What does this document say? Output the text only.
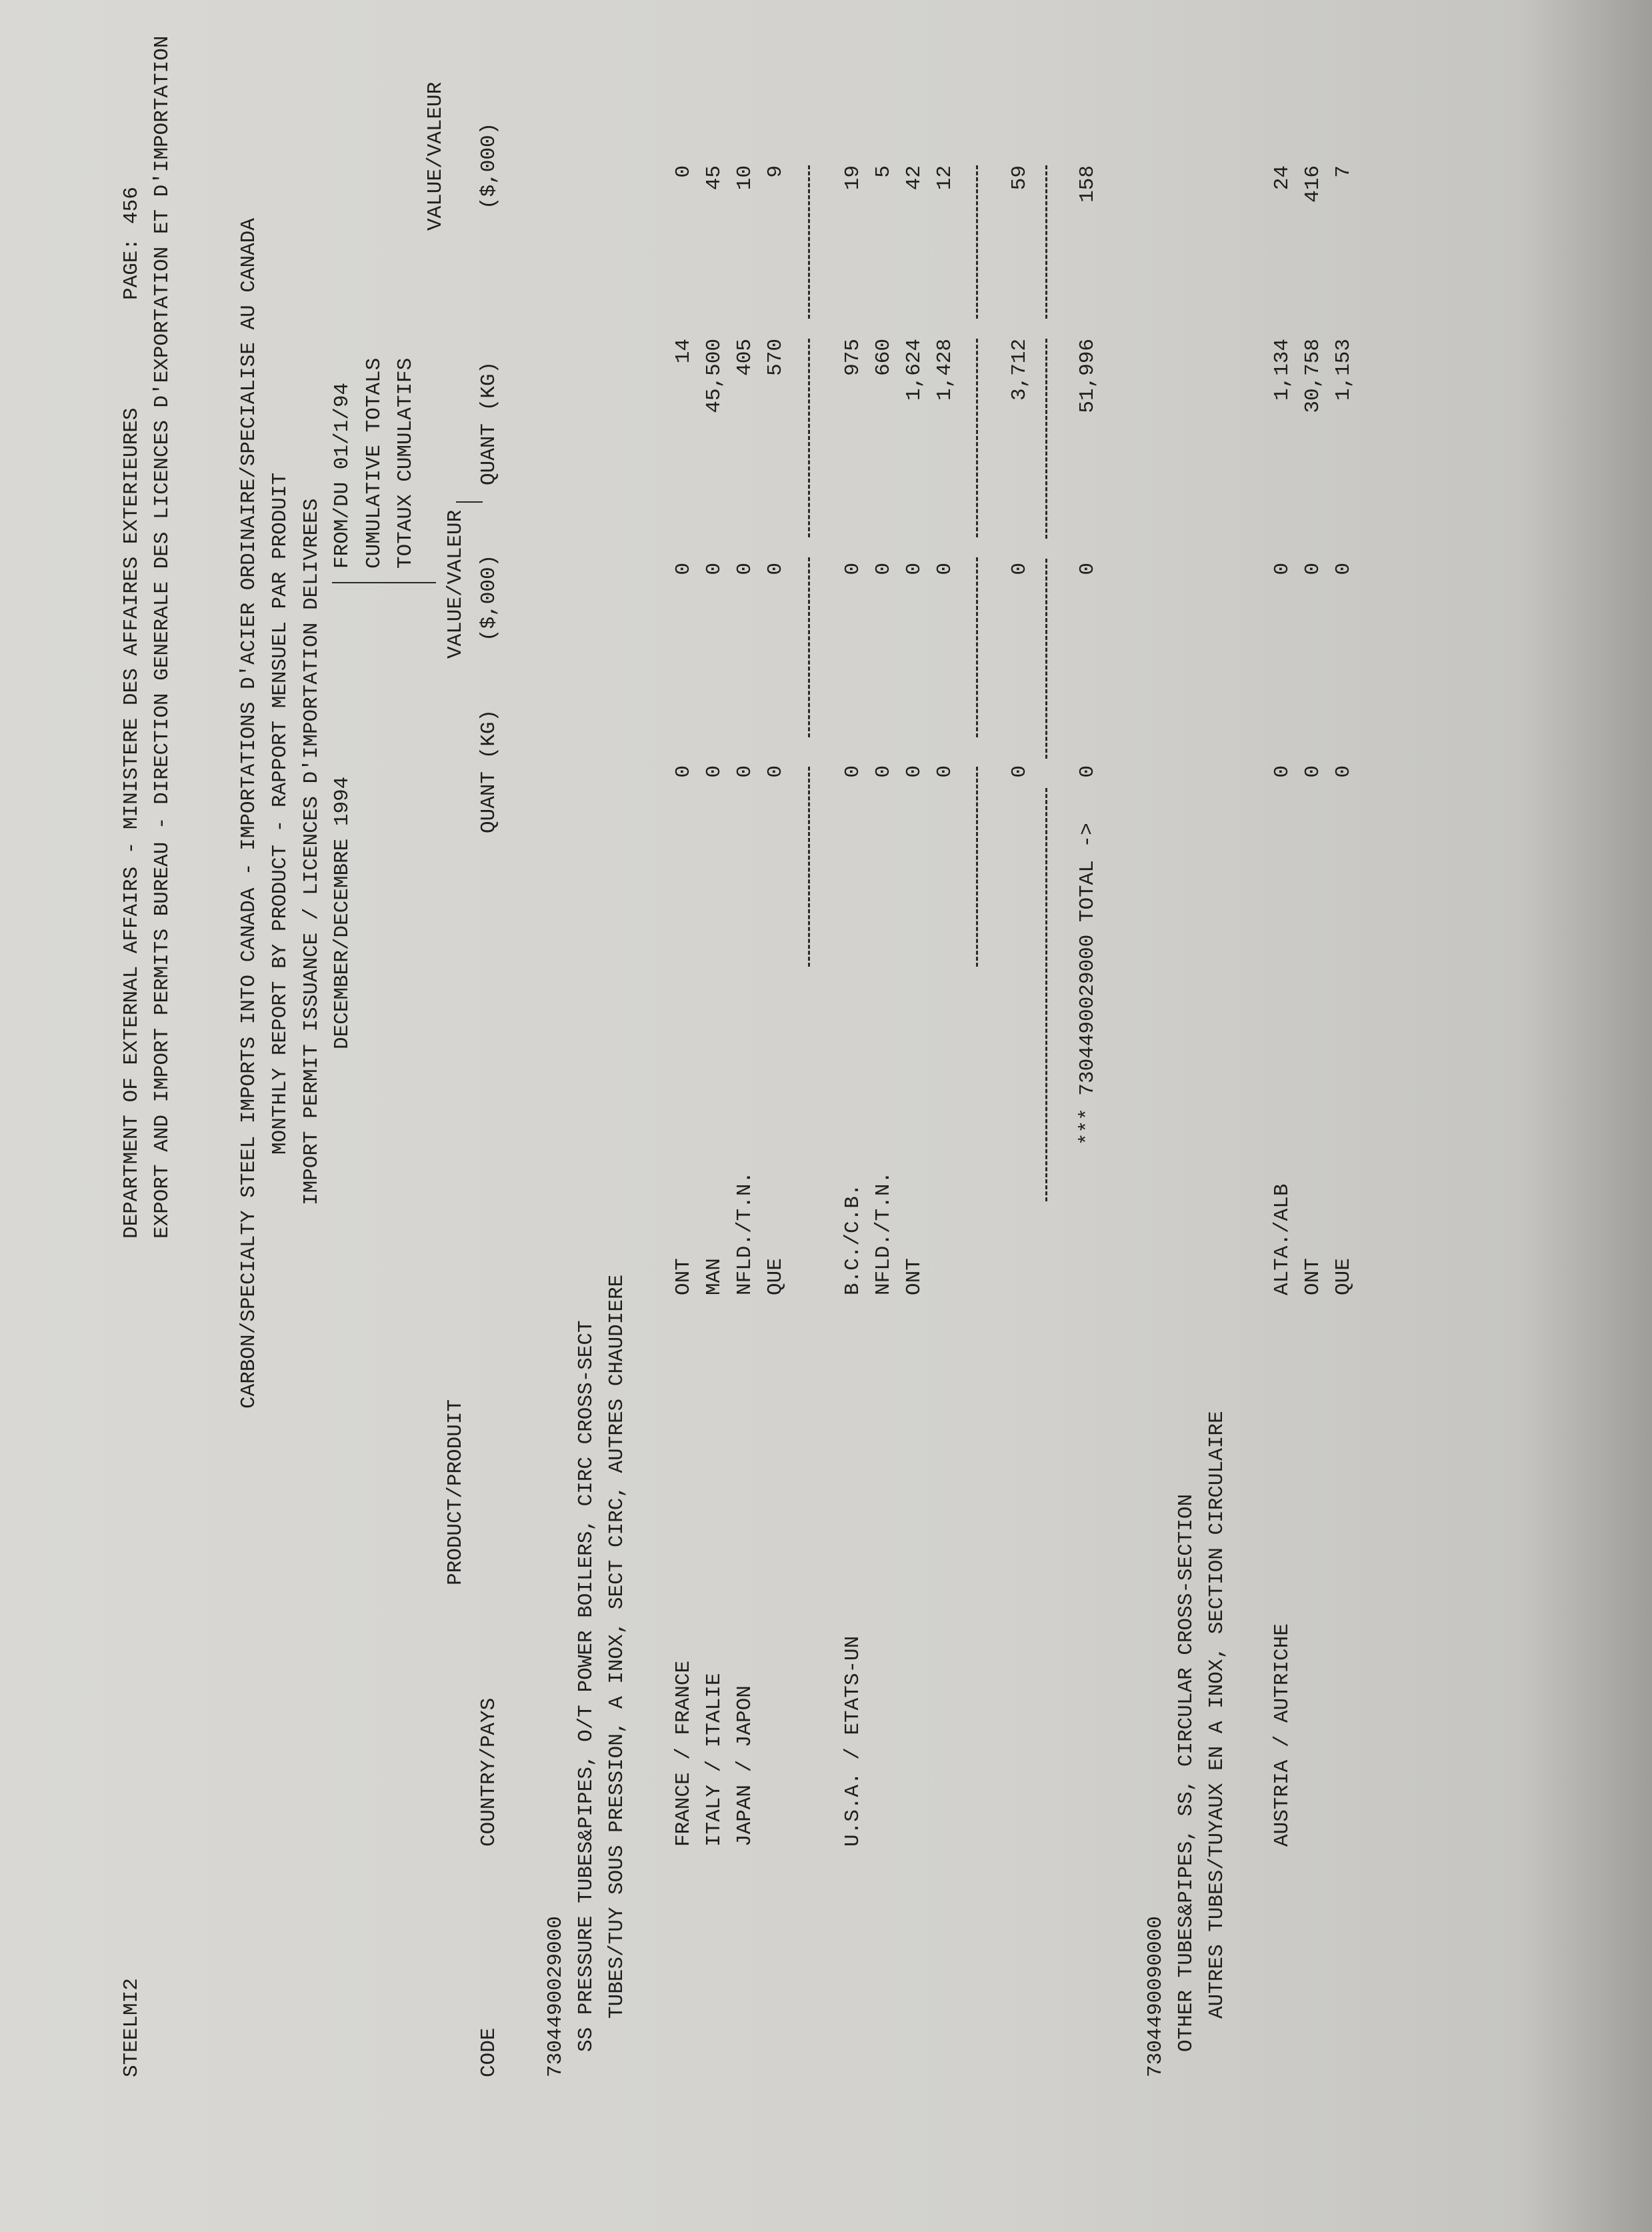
STEELMI2
DEPARTMENT OF EXTERNAL AFFAIRS - MINISTERE DES AFFAIRES EXTERIEURES
PAGE:
456 EXPORT AND IMPORT PERMITS BUREAU - DIRECTION GENERALE DES LICENCES D'EXPORTATION ET D'IMPORTATION	CARBON/SPECIALTY STEEL IMPORTS INTO CANADA - IMPORTATIONS D'ACIER ORDINAIRE/SPECIALISE AU CANADA MONTHLY REPORT BY PRODUCT - RAPPORT MENSUEL PAR PRODUIT IMPORT PERMIT ISSUANCE / LICENCES D'IMPORTATION DELIVREES DECEMBER/DECEMBRE 1994
FROM/DU 01/1/94 CUMULATIVE TOTALS TOTAUX CUMULATIFS
PRODUCT/PRODUIT
VALUE/VALEUR
VALUE/VALEUR
CODE
COUNTRY/PAYS
QUANT (KG)
($,000)
QUANT (KG)
($,000)
7304490029000 SS PRESSURE TUBES&PIPES, O/T POWER BOILERS, CIRC CROSS-SECT TUBES/TUY SOUS PRESSION, A INOX, SECT CIRC, AUTRES CHAUDIERE FRANCE / FRANCE
ONT
0
0
14
0
ITALY / ITALIE
MAN
0
0
45,500
45
JAPAN / JAPON
NFLD./T.N.
0
0
405
10
QUE
0
0
570
9
U.S.A. / ETATS-UN
B.C./C.B.
0
0
975
19
NFLD./T.N.
0
0
660
5
ONT
0
0
1,624
42
0
0
1,428
12
0
0
3,712
59
*** 7304490029000 TOTAL ->
0
0
51,996
158
7304490090000 OTHER TUBES&PIPES, SS, CIRCULAR CROSS-SECTION AUTRES TUBES/TUYAUX EN A INOX, SECTION CIRCULAIRE AUSTRIA / AUTRICHE
ALTA./ALB
0
0
1,134
24
ONT
0
0
30,758
416
QUE
0
0
1,153
7
